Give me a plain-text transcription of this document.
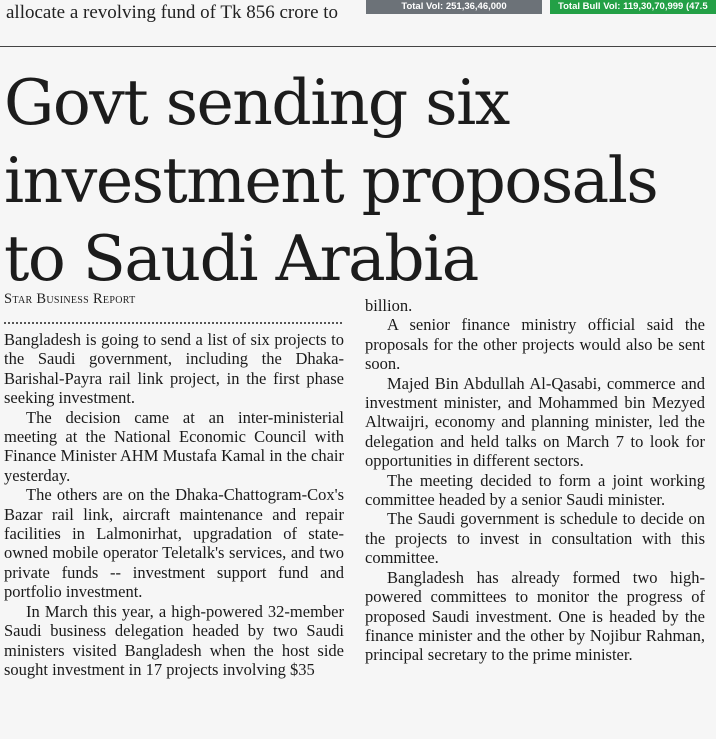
allocate a revolving fund of Tk 856 crore to	Total Vol: 251,36,46,000	Total Bull Vol: 119,30,70,999 (47.5
Govt sending six
investment proposals
to Saudi Arabia
Star Business Report

Bangladesh is going to send a list of six projects to the Saudi government, including the Dhaka-Barishal-Payra rail link project, in the first phase seeking investment.

The decision came at an inter-ministerial meeting at the National Economic Council with Finance Minister AHM Mustafa Kamal in the chair yesterday.

The others are on the Dhaka-Chattogram-Cox's Bazar rail link, aircraft maintenance and repair facilities in Lalmonirhat, upgradation of state-owned mobile operator Teletalk's services, and two private funds -- investment support fund and portfolio investment.

In March this year, a high-powered 32-member Saudi business delegation headed by two Saudi ministers visited Bangladesh when the host side sought investment in 17 projects involving $35

billion.

A senior finance ministry official said the proposals for the other projects would also be sent soon.

Majed Bin Abdullah Al-Qasabi, commerce and investment minister, and Mohammed bin Mezyed Altwaijri, economy and planning minister, led the delegation and held talks on March 7 to look for opportunities in different sectors.

The meeting decided to form a joint working committee headed by a senior Saudi minister.

The Saudi government is schedule to decide on the projects to invest in consultation with this committee.

Bangladesh has already formed two high-powered committees to monitor the progress of proposed Saudi investment. One is headed by the finance minister and the other by Nojibur Rahman, principal secretary to the prime minister.
